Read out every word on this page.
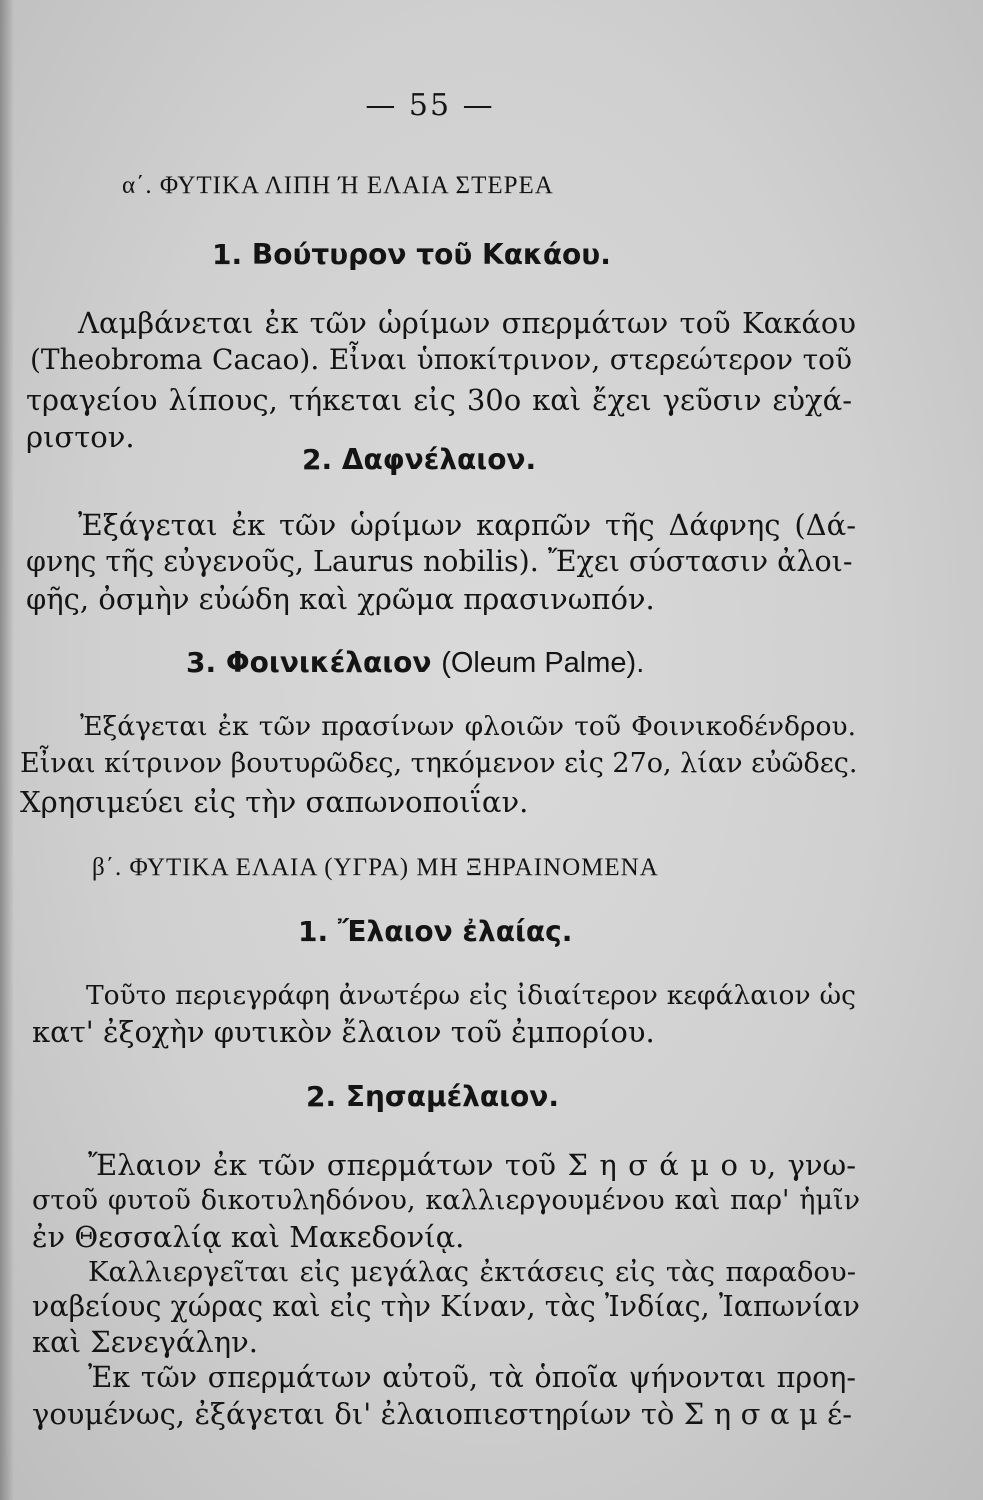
— 55 —
α΄. ΦΥΤΙΚΑ ΛΙΠΗ Ή ΕΛΑΙΑ ΣΤΕΡΕΑ
1. Βούτυρον τοῦ Κακάου.
Λαμβάνεται ἐκ τῶν ὡρίμων σπερμάτων τοῦ Κακάου
(Theobroma Cacao). Εἶναι ὑποκίτρινον, στερεώτερον τοῦ
τραγείου λίπους, τήκεται εἰς 30ο καὶ ἔχει γεῦσιν εὐχά-
ριστον.
2. Δαφνέλαιον.
Ἐξάγεται ἐκ τῶν ὡρίμων καρπῶν τῆς Δάφνης (Δά-
φνης τῆς εὐγενοῦς, Laurus nobilis). Ἔχει σύστασιν ἀλοι-
φῆς, ὀσμὴν εὐώδη καὶ χρῶμα πρασινωπόν.
3. Φοινικέλαιον (Oleum Palme).
Ἐξάγεται ἐκ τῶν πρασίνων φλοιῶν τοῦ Φοινικοδένδρου.
Εἶναι κίτρινον βουτυρῶδες, τηκόμενον εἰς 27ο, λίαν εὐῶδες.
Χρησιμεύει εἰς τὴν σαπωνοποιΐαν.
β΄. ΦΥΤΙΚΑ ΕΛΑΙΑ (ΥΓΡΑ) ΜΗ ΞΗΡΑΙΝΟΜΕΝΑ
1. Ἔλαιον ἐλαίας.
Τοῦτο περιεγράφη ἀνωτέρω εἰς ἰδιαίτερον κεφάλαιον ὡς
κατ' ἐξοχὴν φυτικὸν ἔλαιον τοῦ ἐμπορίου.
2. Σησαμέλαιον.
Ἔλαιον ἐκ τῶν σπερμάτων τοῦ Σ η σ ά μ ο υ, γνω-
στοῦ φυτοῦ δικοτυληδόνου, καλλιεργουμένου καὶ παρ' ἡμῖν
ἐν Θεσσαλίᾳ καὶ Μακεδονίᾳ.
Καλλιεργεῖται εἰς μεγάλας ἐκτάσεις εἰς τὰς παραδου-
ναβείους χώρας καὶ εἰς τὴν Κίναν, τὰς Ἰνδίας, Ἰαπωνίαν
καὶ Σενεγάλην.
Ἐκ τῶν σπερμάτων αὐτοῦ, τὰ ὁποῖα ψήνονται προη-
γουμένως, ἐξάγεται δι' ἐλαιοπιεστηρίων τὸ Σ η σ α μ έ-
